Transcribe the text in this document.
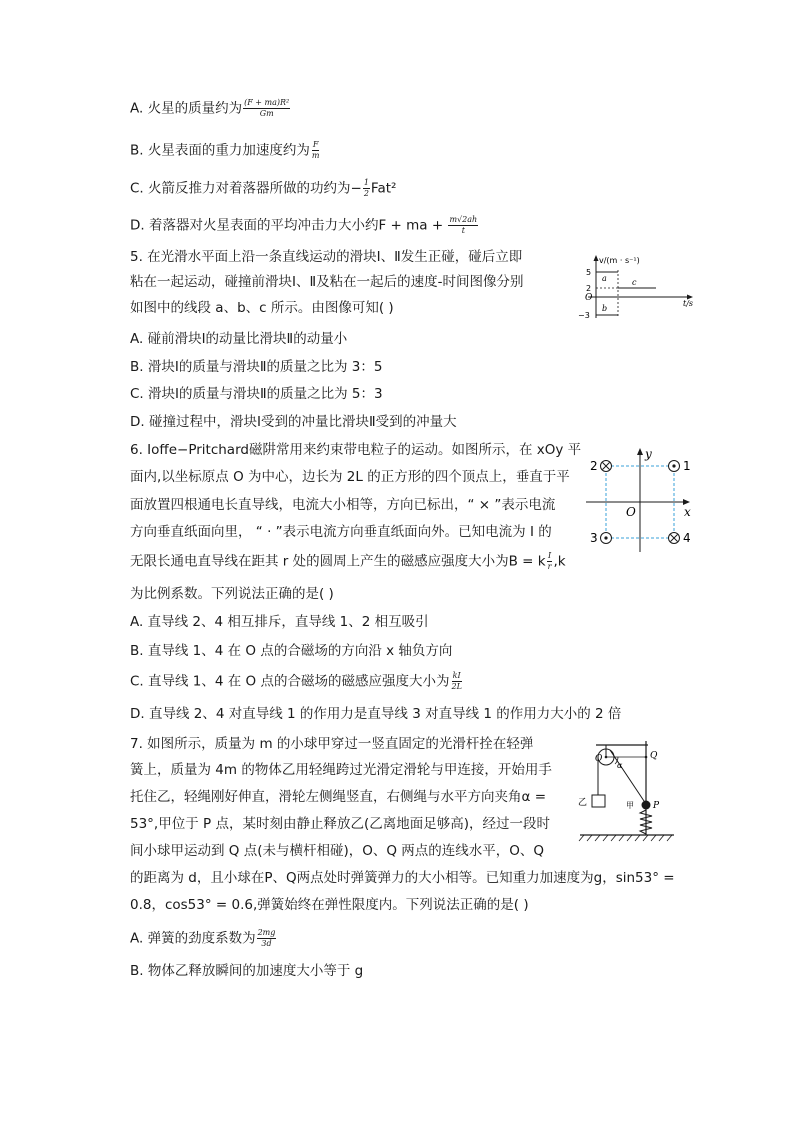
A. 火星的质量约为 $\frac{\text{(F + ma)R²}}{Gm}$
B. 火星表面的重力加速度约为 $\frac{F}{m}$
C. 火箭反推力对着落器所做的功约为− $\frac{1}{2} Fat^2$
D. 着落器对火星表面的平均冲击力大小约F + ma + $\frac{m√2ah}{t}$
5. 在光滑水平面上沿一条直线运动的滑块Ⅰ、Ⅱ发生正碰，碰后立即
粘在一起运动，碰撞前滑块Ⅰ、Ⅱ及粘在一起后的速度-时间图像分别
如图中的线段 a、b、c 所示。由图像可知( )
A. 碰前滑块Ⅰ的动量比滑块Ⅱ的动量小
B. 滑块Ⅰ的质量与滑块Ⅱ的质量之比为 3：5
C. 滑块Ⅰ的质量与滑块Ⅱ的质量之比为 5：3
D. 碰撞过程中，滑块Ⅰ受到的冲量比滑块Ⅱ受到的冲量大
v/(m · s⁻¹)
t/s
O
5
2
−3
a
b
c
6. Ioffe−Pritchard磁阱常用来约束带电粒子的运动。如图所示，在 xOy 平
面内,以坐标原点 O 为中心，边长为 2L 的正方形的四个顶点上，垂直于平
面放置四根通电长直导线，电流大小相等，方向已标出，“ × ”表示电流
方向垂直纸面向里， “ · ”表示电流方向垂直纸面向外。已知电流为 I 的
无限长通电直导线在距其 r 处的圆周上产生的磁感应强度大小为B = k $\frac{I}{r} ,k$
为比例系数。下列说法正确的是( )
A. 直导线 2、4 相互排斥，直导线 1、2 相互吸引
B. 直导线 1、4 在 O 点的合磁场的方向沿 x 轴负方向
C. 直导线 1、4 在 O 点的合磁场的磁感应强度大小为 $\frac{kI}{2L}$
D. 直导线 2、4 对直导线 1 的作用力是直导线 3 对直导线 1 的作用力大小的 2 倍
x
y
O
2	1
3	4
7. 如图所示，质量为 m 的小球甲穿过一竖直固定的光滑杆拴在轻弹
簧上，质量为 4m 的物体乙用轻绳跨过光滑定滑轮与甲连接，开始用手
托住乙，轻绳刚好伸直，滑轮左侧绳竖直，右侧绳与水平方向夹角α =
53°,甲位于 P 点，某时刻由静止释放乙(乙离地面足够高)，经过一段时
间小球甲运动到 Q 点(未与横杆相碰)，O、Q 两点的连线水平，O、Q
的距离为 d，且小球在P、Q两点处时弹簧弹力的大小相等。已知重力加速度为g，sin53° =
0.8，cos53° = 0.6,弹簧始终在弹性限度内。下列说法正确的是( )
A. 弹簧的劲度系数为 $\frac{2mg}{3d}$
B. 物体乙释放瞬间的加速度大小等于 g
O
乙
α
Q
甲 P
